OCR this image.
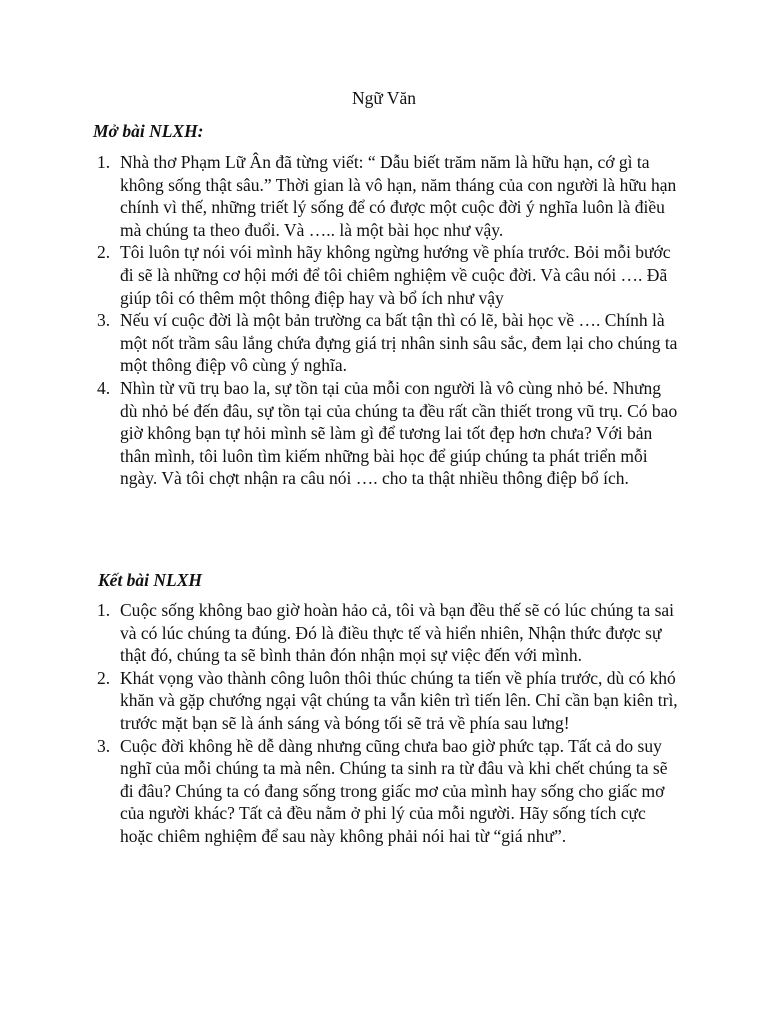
Ngữ Văn
Mở bài NLXH:
1. Nhà thơ Phạm Lữ Ân đã từng viết: “ Dẫu biết trăm năm là hữu hạn, cớ gì ta không sống thật sâu.” Thời gian là vô hạn, năm tháng của con người là hữu hạn chính vì thế, những triết lý sống để có được một cuộc đời ý nghĩa luôn là điều mà chúng ta theo đuổi. Và ….. là một bài học như vậy.
2. Tôi luôn tự nói vói mình hãy không ngừng hướng về phía trước. Bỏi mỗi bước đi sẽ là những cơ hội mới để tôi chiêm nghiệm về cuộc đời. Và câu nói …. Đã giúp tôi có thêm một thông điệp hay và bổ ích như vậy
3. Nếu ví cuộc đời là một bản trường ca bất tận thì có lẽ, bài học về …. Chính là một nốt trầm sâu lắng chứa đựng giá trị nhân sinh sâu sắc, đem lại cho chúng ta một thông điệp vô cùng ý nghĩa.
4. Nhìn từ vũ trụ bao la, sự tồn tại của mỗi con người là vô cùng nhỏ bé. Nhưng dù nhỏ bé đến đâu, sự tồn tại của chúng ta đều rất cần thiết trong vũ trụ. Có bao giờ không bạn tự hỏi mình sẽ làm gì để tương lai tốt đẹp hơn chưa? Với bản thân mình, tôi luôn tìm kiếm những bài học để giúp chúng ta phát triển mỗi ngày. Và tôi chợt nhận ra câu nói …. cho ta thật nhiều thông điệp bổ ích.
Kết bài NLXH
1. Cuộc sống không bao giờ hoàn hảo cả, tôi và bạn đều thế sẽ có lúc chúng ta sai và có lúc chúng ta đúng. Đó là điều thực tế và hiển nhiên, Nhận thức được sự thật đó, chúng ta sẽ bình thản đón nhận mọi sự việc đến với mình.
2. Khát vọng vào thành công luôn thôi thúc chúng ta tiến về phía trước, dù có khó khăn và gặp chướng ngại vật chúng ta vẫn kiên trì tiến lên. Chỉ cần bạn kiên trì, trước mặt bạn sẽ là ánh sáng và bóng tối sẽ trả về phía sau lưng!
3. Cuộc đời không hề dễ dàng nhưng cũng chưa bao giờ phức tạp. Tất cả do suy nghĩ của mỗi chúng ta mà nên. Chúng ta sinh ra từ đâu và khi chết chúng ta sẽ đi đâu? Chúng ta có đang sống trong giấc mơ của mình hay sống cho giấc mơ của người khác? Tất cả đều nằm ở phi lý của mỗi người. Hãy sống tích cực hoặc chiêm nghiệm để sau này không phải nói hai từ “giá như”.
